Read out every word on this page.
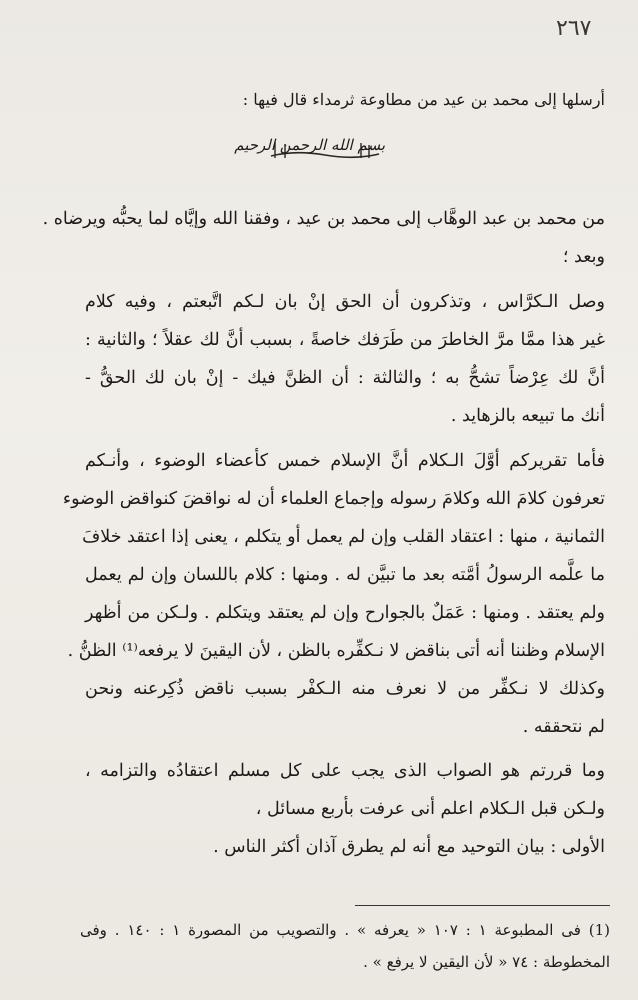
٢٦٧
أرسلها إلى محمد بن عيد من مطاوعة ثرمداء قال فيها :
بسم الله الرحمن الرحيم
من محمد بن عبد الوهَّاب إلى محمد بن عيد ، وفقنا الله وإيَّاه لما يحبُّه ويرضاه .
وبعد ؛
وصل الـكرَّاس ، وتذكرون أن الحق إنْ بان لـكم اتَّبعتم ، وفيه كلام
غير هذا ممَّا مرَّ الخاطرَ من طَرَفك خاصةً ، بسبب أنَّ لك عقلاً ؛ والثانية :
أنَّ لك عِرْضاً تشحُّ به ؛ والثالثة : أن الظنَّ فيك - إنْ بان لك الحقُّ -
أنك ما تبيعه بالزهايد .
فأما تقريركم أوَّلَ الـكلام أنَّ الإسلام خمس كأعضاء الوضوء ، وأنـكم
تعرفون كلامَ الله وكلامَ رسوله وإجماع العلماء أن له نواقضَ كنواقض الوضوء
الثمانية ، منها : اعتقاد القلب وإن لم يعمل أو يتكلم ، يعنى إذا اعتقد خلافَ
ما علَّمه الرسولُ أمَّته بعد ما تبيَّن له . ومنها : كلام باللسان وإن لم يعمل
ولم يعتقد . ومنها : عَمَلٌ بالجوارح وإن لم يعتقد ويتكلم . ولـكن من أظهر
الإسلام وظننا أنه أتى بناقض لا نـكفِّره بالظن ، لأن اليقينَ لا يرفعه⁽¹⁾ الظنُّ .
وكذلك لا نـكفِّر من لا نعرف منه الـكفْر بسبب ناقض ذُكِرعنه ونحن
لم نتحققه .
وما قررتم هو الصواب الذى يجب على كل مسلم اعتقادُه والتزامه ،
ولـكن قبل الـكلام اعلم أنى عرفت بأربع مسائل ،
الأولى : بيان التوحيد مع أنه لم يطرق آذان أكثر الناس .
(1) فى المطبوعة ١ : ١٠٧ « يعرفه » . والتصويب من المصورة ١ : ١٤٠ . وفى
المخطوطة : ٧٤ « لأن اليقين لا يرفع » .
